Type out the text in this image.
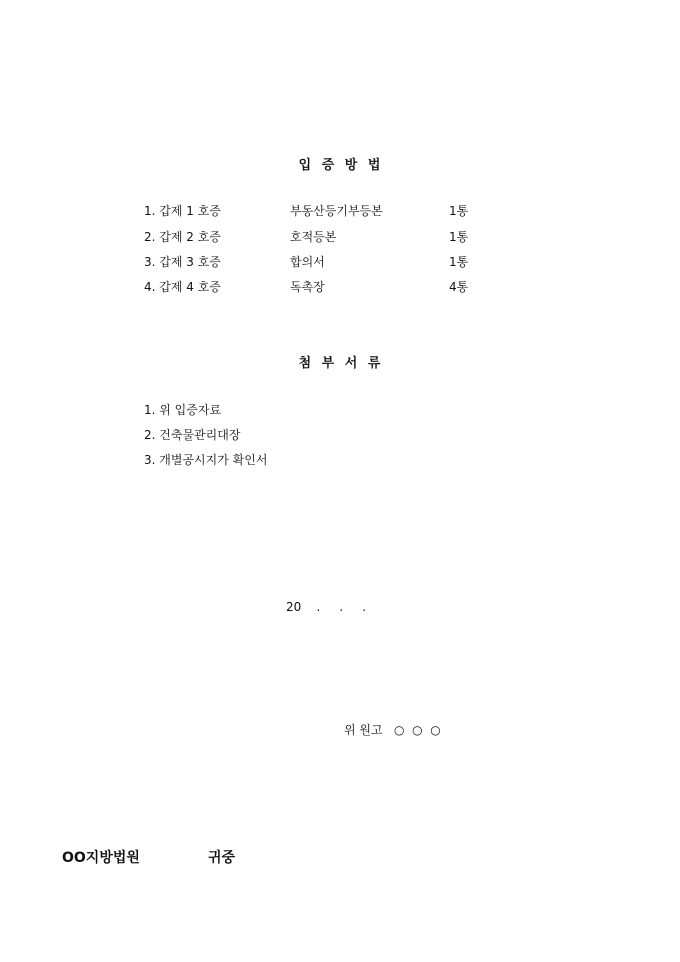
입 증 방 법
1. 갑제 1 호증	부동산등기부등본	1통
2. 갑제 2 호증	호적등본	1통
3. 갑제 3 호증	합의서	1통
4. 갑제 4 호증	독촉장	4통
첨 부 서 류
1. 위 입증자료
2. 건축물관리대장
3. 개별공시지가 확인서
20    .     .     .
위 원고   ○  ○  ○
OO지방법원	귀중
